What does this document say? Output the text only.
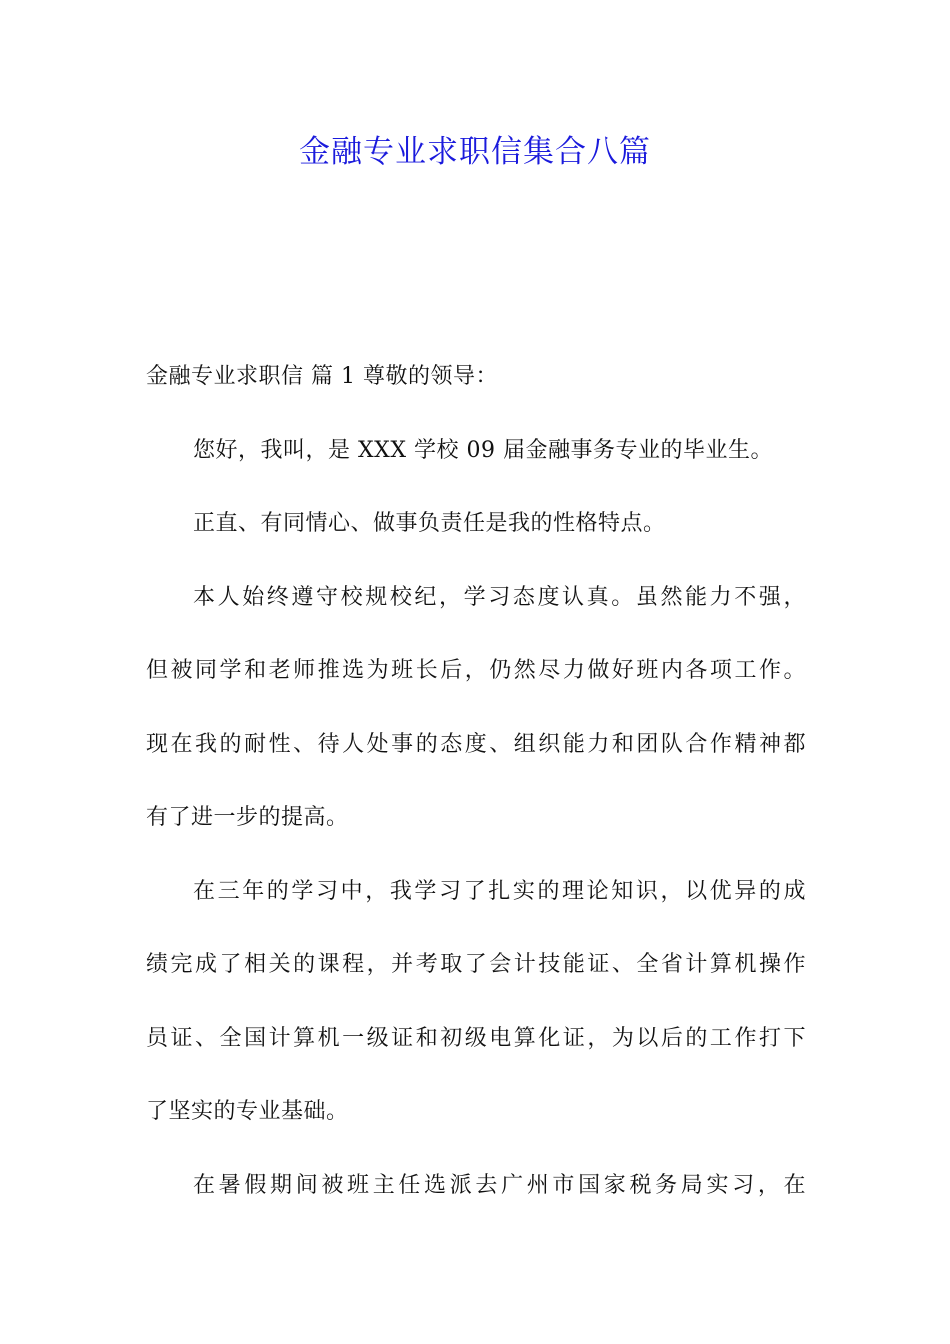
金融专业求职信集合八篇

金融专业求职信 篇 1 尊敬的领导：

您好，我叫，是 XXX 学校 09 届金融事务专业的毕业生。

正直、有同情心、做事负责任是我的性格特点。

本人始终遵守校规校纪，学习态度认真。虽然能力不强，

但被同学和老师推选为班长后，仍然尽力做好班内各项工作。

现在我的耐性、待人处事的态度、组织能力和团队合作精神都

有了进一步的提高。

在三年的学习中，我学习了扎实的理论知识，以优异的成

绩完成了相关的课程，并考取了会计技能证、全省计算机操作

员证、全国计算机一级证和初级电算化证，为以后的工作打下

了坚实的专业基础。

在暑假期间被班主任选派去广州市国家税务局实习，在
